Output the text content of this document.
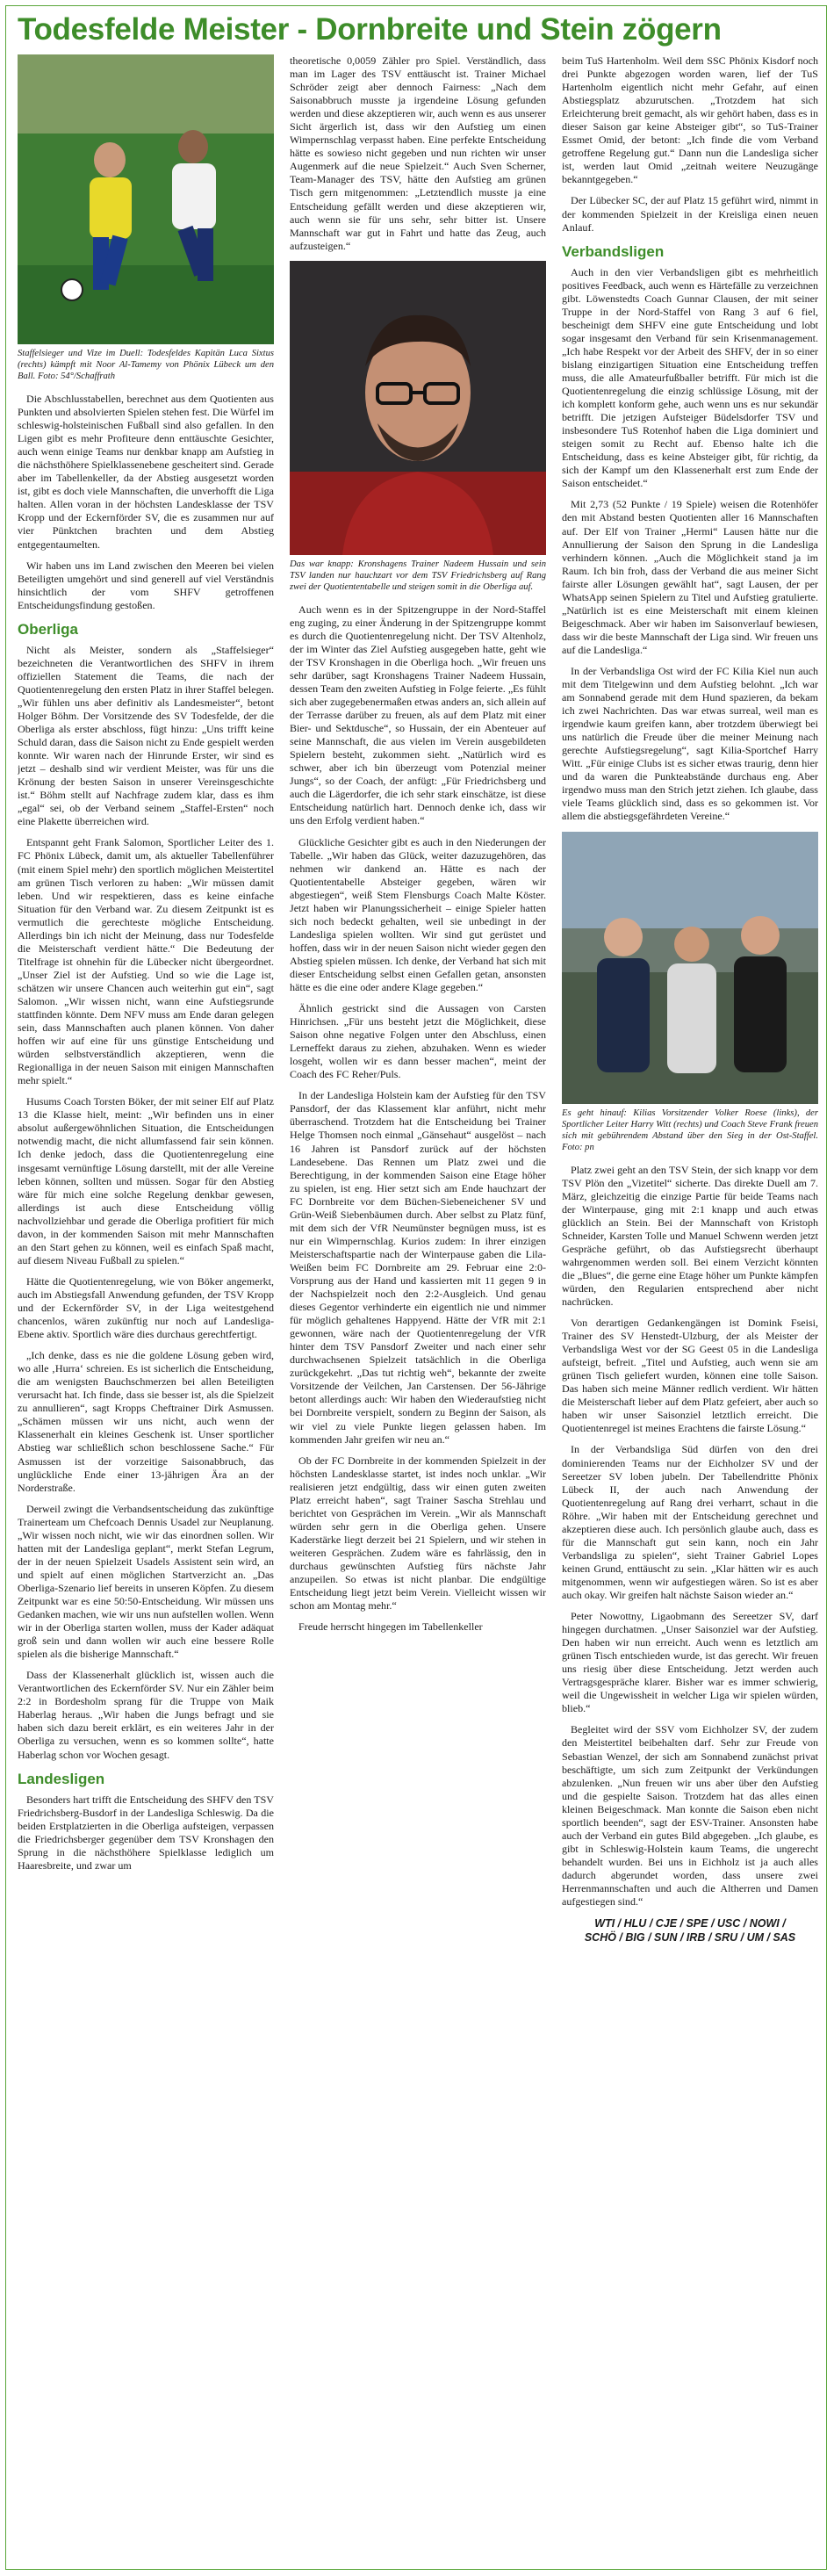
Todesfelde Meister - Dornbreite und Stein zögern
Staffelsieger und Vize im Duell: Todesfeldes Kapitän Luca Sixtus (rechts) kämpft mit Noor Al-Tamemy von Phönix Lübeck um den Ball. Foto: 54°/Schaffrath

Die Abschlusstabellen, berechnet aus dem Quotienten aus Punkten und absolvierten Spielen stehen fest. Die Würfel im schleswig-holsteinischen Fußball sind also gefallen. In den Ligen gibt es mehr Profiteure denn enttäuschte Gesichter, auch wenn einige Teams nur denkbar knapp am Aufstieg in die nächsthöhere Spielklassenebene gescheitert sind. Gerade aber im Tabellenkeller, da der Abstieg ausgesetzt worden ist, gibt es doch viele Mannschaften, die unverhofft die Liga halten. Allen voran in der höchsten Landesklasse der TSV Kropp und der Eckernförder SV, die es zusammen nur auf vier Pünktchen brachten und dem Abstieg entgegentaumelten.

Wir haben uns im Land zwischen den Meeren bei vielen Beteiligten umgehört und sind generell auf viel Verständnis hinsichtlich der vom SHFV getroffenen Entscheidungsfindung gestoßen.

Oberliga

Nicht als Meister, sondern als „Staffelsieger“ bezeichneten die Verantwortlichen des SHFV in ihrem offiziellen Statement die Teams, die nach der Quotientenregelung den ersten Platz in ihrer Staffel belegen. „Wir fühlen uns aber definitiv als Landesmeister“, betont Holger Böhm. Der Vorsitzende des SV Todesfelde, der die Oberliga als erster abschloss, fügt hinzu: „Uns trifft keine Schuld daran, dass die Saison nicht zu Ende gespielt werden konnte. Wir waren nach der Hinrunde Erster, wir sind es jetzt – deshalb sind wir verdient Meister, was für uns die Krönung der besten Saison in unserer Vereinsgeschichte ist.“ Böhm stellt auf Nachfrage zudem klar, dass es ihm „egal“ sei, ob der Verband seinem „Staffel-Ersten“ noch eine Plakette überreichen wird.

Entspannt geht Frank Salomon, Sportlicher Leiter des 1. FC Phönix Lübeck, damit um, als aktueller Tabellenführer (mit einem Spiel mehr) den sportlich möglichen Meistertitel am grünen Tisch verloren zu haben: „Wir müssen damit leben. Und wir respektieren, dass es keine einfache Situation für den Verband war. Zu diesem Zeitpunkt ist es vermutlich die gerechteste mögliche Entscheidung. Allerdings bin ich nicht der Meinung, dass nur Todesfelde die Meisterschaft verdient hätte.“ Die Bedeutung der Titelfrage ist ohnehin für die Lübecker nicht übergeordnet. „Unser Ziel ist der Aufstieg. Und so wie die Lage ist, schätzen wir unsere Chancen auch weiterhin gut ein“, sagt Salomon. „Wir wissen nicht, wann eine Aufstiegsrunde stattfinden könnte. Dem NFV muss am Ende daran gelegen sein, dass Mannschaften auch planen können. Von daher hoffen wir auf eine für uns günstige Entscheidung und würden selbstverständlich akzeptieren, wenn die Regionalliga in der neuen Saison mit einigen Mannschaften mehr spielt.“

Husums Coach Torsten Böker, der mit seiner Elf auf Platz 13 die Klasse hielt, meint: „Wir befinden uns in einer absolut außergewöhnlichen Situation, die Entscheidungen notwendig macht, die nicht allumfassend fair sein können. Ich denke jedoch, dass die Quotientenregelung eine insgesamt vernünftige Lösung darstellt, mit der alle Vereine leben können, sollten und müssen. Sogar für den Abstieg wäre für mich eine solche Regelung denkbar gewesen, allerdings ist auch diese Entscheidung völlig nachvollziehbar und gerade die Oberliga profitiert für mich davon, in der kommenden Saison mit mehr Mannschaften an den Start gehen zu können, weil es einfach Spaß macht, auf diesem Niveau Fußball zu spielen.“

Hätte die Quotientenregelung, wie von Böker angemerkt, auch im Abstiegsfall Anwendung gefunden, der TSV Kropp und der Eckernförder SV, in der Liga weitestgehend chancenlos, wären zukünftig nur noch auf Landesliga-Ebene aktiv. Sportlich wäre dies durchaus gerechtfertigt.

„Ich denke, dass es nie die goldene Lösung geben wird, wo alle ‚Hurra‘ schreien. Es ist sicherlich die Entscheidung, die am wenigsten Bauchschmerzen bei allen Beteiligten verursacht hat. Ich finde, dass sie besser ist, als die Spielzeit zu annullieren“, sagt Kropps Cheftrainer Dirk Asmussen. „Schämen müssen wir uns nicht, auch wenn der Klassenerhalt ein kleines Geschenk ist. Unser sportlicher Abstieg war schließlich schon beschlossene Sache.“ Für Asmussen ist der vorzeitige Saisonabbruch, das unglückliche Ende einer 13-jährigen Ära an der Norderstraße.

Derweil zwingt die Verbandsentscheidung das zukünftige Trainerteam um Chefcoach Dennis Usadel zur Neuplanung. „Wir wissen noch nicht, wie wir das einordnen sollen. Wir hatten mit der Landesliga geplant“, merkt Stefan Legrum, der in der neuen Spielzeit Usadels Assistent sein wird, an und spielt auf einen möglichen Startverzicht an. „Das Oberliga-Szenario lief bereits in unseren Köpfen. Zu diesem Zeitpunkt war es eine 50:50-Entscheidung. Wir müssen uns Gedanken machen, wie wir uns nun aufstellen wollen. Wenn wir in der Oberliga starten wollen, muss der Kader adäquat groß sein und dann wollen wir auch eine bessere Rolle spielen als die bisherige Mannschaft.“

Dass der Klassenerhalt glücklich ist, wissen auch die Verantwortlichen des Eckernförder SV. Nur ein Zähler beim 2:2 in Bordesholm sprang für die Truppe von Maik Haberlag heraus. „Wir haben die Jungs befragt und sie haben sich dazu bereit erklärt, es ein weiteres Jahr in der Oberliga zu versuchen, wenn es so kommen sollte“, hatte Haberlag schon vor Wochen gesagt.

Landesligen

Besonders hart trifft die Entscheidung des SHFV den TSV Friedrichsberg-Busdorf in der Landesliga Schleswig. Da die beiden Erstplatzierten in die Oberliga aufsteigen, verpassen die Friedrichsberger gegenüber dem TSV Kronshagen den Sprung in die nächsthöhere Spielklasse lediglich um Haaresbreite, und zwar um

theoretische 0,0059 Zähler pro Spiel. Verständlich, dass man im Lager des TSV enttäuscht ist. Trainer Michael Schröder zeigt aber dennoch Fairness: „Nach dem Saisonabbruch musste ja irgendeine Lösung gefunden werden und diese akzeptieren wir, auch wenn es aus unserer Sicht ärgerlich ist, dass wir den Aufstieg um einen Wimpernschlag verpasst haben. Eine perfekte Entscheidung hätte es sowieso nicht gegeben und nun richten wir unser Augenmerk auf die neue Spielzeit.“ Auch Sven Scherner, Team-Manager des TSV, hätte den Aufstieg am grünen Tisch gern mitgenommen: „Letztendlich musste ja eine Entscheidung gefällt werden und diese akzeptieren wir, auch wenn sie für uns sehr, sehr bitter ist. Unsere Mannschaft war gut in Fahrt und hatte das Zeug, auch aufzusteigen.“

Das war knapp: Kronshagens Trainer Nadeem Hussain und sein TSV landen nur hauchzart vor dem TSV Friedrichsberg auf Rang zwei der Quotiententabelle und steigen somit in die Oberliga auf.

Auch wenn es in der Spitzengruppe in der Nord-Staffel eng zuging, zu einer Änderung in der Spitzengruppe kommt es durch die Quotientenregelung nicht. Der TSV Altenholz, der im Winter das Ziel Aufstieg ausgegeben hatte, geht wie der TSV Kronshagen in die Oberliga hoch. „Wir freuen uns sehr darüber, sagt Kronshagens Trainer Nadeem Hussain, dessen Team den zweiten Aufstieg in Folge feierte. „Es fühlt sich aber zugegebenermaßen etwas anders an, sich allein auf der Terrasse darüber zu freuen, als auf dem Platz mit einer Bier- und Sektdusche“, so Hussain, der ein Abenteuer auf seine Mannschaft, die aus vielen im Verein ausgebildeten Spielern besteht, zukommen sieht. „Natürlich wird es schwer, aber ich bin überzeugt vom Potenzial meiner Jungs“, so der Coach, der anfügt: „Für Friedrichsberg und auch die Lägerdorfer, die ich sehr stark einschätze, ist diese Entscheidung natürlich hart. Dennoch denke ich, dass wir uns den Erfolg verdient haben.“

Glückliche Gesichter gibt es auch in den Niederungen der Tabelle. „Wir haben das Glück, weiter dazuzugehören, das nehmen wir dankend an. Hätte es nach der Quotiententabelle Absteiger gegeben, wären wir abgestiegen“, weiß Stem Flensburgs Coach Malte Köster. Jetzt haben wir Planungssicherheit – einige Spieler hatten sich noch bedeckt gehalten, weil sie unbedingt in der Landesliga spielen wollten. Wir sind gut gerüstet und hoffen, dass wir in der neuen Saison nicht wieder gegen den Abstieg spielen müssen. Ich denke, der Verband hat sich mit dieser Entscheidung selbst einen Gefallen getan, ansonsten hätte es die eine oder andere Klage gegeben.“

Ähnlich gestrickt sind die Aussagen von Carsten Hinrichsen. „Für uns besteht jetzt die Möglichkeit, diese Saison ohne negative Folgen unter den Abschluss, einen Lerneffekt daraus zu ziehen, abzuhaken. Wenn es wieder losgeht, wollen wir es dann besser machen“, meint der Coach des FC Reher/Puls.

In der Landesliga Holstein kam der Aufstieg für den TSV Pansdorf, der das Klassement klar anführt, nicht mehr überraschend. Trotzdem hat die Entscheidung bei Trainer Helge Thomsen noch einmal „Gänsehaut“ ausgelöst – nach 16 Jahren ist Pansdorf zurück auf der höchsten Landesebene. Das Rennen um Platz zwei und die Berechtigung, in der kommenden Saison eine Etage höher zu spielen, ist eng. Hier setzt sich am Ende hauchzart der FC Dornbreite vor dem Büchen-Siebeneichener SV und Grün-Weiß Siebenbäumen durch. Aber selbst zu Platz fünf, mit dem sich der VfR Neumünster begnügen muss, ist es nur ein Wimpernschlag. Kurios zudem: In ihrer einzigen Meisterschaftspartie nach der Winterpause gaben die Lila-Weißen beim FC Dornbreite am 29. Februar eine 2:0-Vorsprung aus der Hand und kassierten mit 11 gegen 9 in der Nachspielzeit noch den 2:2-Ausgleich. Und genau dieses Gegentor verhinderte ein eigentlich nie und nimmer für möglich gehaltenes Happyend. Hätte der VfR mit 2:1 gewonnen, wäre nach der Quotientenregelung der VfR hinter dem TSV Pansdorf Zweiter und nach einer sehr durchwachsenen Spielzeit tatsächlich in die Oberliga zurückgekehrt. „Das tut richtig weh“, bekannte der zweite Vorsitzende der Veilchen, Jan Carstensen. Der 56-Jährige betont allerdings auch: Wir haben den Wiederaufstieg nicht bei Dornbreite verspielt, sondern zu Beginn der Saison, als wir viel zu viele Punkte liegen gelassen haben. Im kommenden Jahr greifen wir neu an.“

Ob der FC Dornbreite in der kommenden Spielzeit in der höchsten Landesklasse startet, ist indes noch unklar. „Wir realisieren jetzt endgültig, dass wir einen guten zweiten Platz erreicht haben“, sagt Trainer Sascha Strehlau und berichtet von Gesprächen im Verein. „Wir als Mannschaft würden sehr gern in die Oberliga gehen. Unsere Kaderstärke liegt derzeit bei 21 Spielern, und wir stehen in weiteren Gesprächen. Zudem wäre es fahrlässig, den in durchaus gewünschten Aufstieg fürs nächste Jahr anzupeilen. So etwas ist nicht planbar. Die endgültige Entscheidung liegt jetzt beim Verein. Vielleicht wissen wir schon am Montag mehr.“

Freude herrscht hingegen im Tabellenkeller

beim TuS Hartenholm. Weil dem SSC Phönix Kisdorf noch drei Punkte abgezogen worden waren, lief der TuS Hartenholm eigentlich nicht mehr Gefahr, auf einen Abstiegsplatz abzurutschen. „Trotzdem hat sich Erleichterung breit gemacht, als wir gehört haben, dass es in dieser Saison gar keine Absteiger gibt“, so TuS-Trainer Essmet Omid, der betont: „Ich finde die vom Verband getroffene Regelung gut.“ Dann nun die Landesliga sicher ist, werden laut Omid „zeitnah weitere Neuzugänge bekanntgegeben.“

Der Lübecker SC, der auf Platz 15 geführt wird, nimmt in der kommenden Spielzeit in der Kreisliga einen neuen Anlauf.

Verbandsligen

Auch in den vier Verbandsligen gibt es mehrheitlich positives Feedback, auch wenn es Härtefälle zu verzeichnen gibt. Löwenstedts Coach Gunnar Clausen, der mit seiner Truppe in der Nord-Staffel von Rang 3 auf 6 fiel, bescheinigt dem SHFV eine gute Entscheidung und lobt sogar insgesamt den Verband für sein Krisenmanagement. „Ich habe Respekt vor der Arbeit des SHFV, der in so einer bislang einzigartigen Situation eine Entscheidung treffen muss, die alle Amateurfußballer betrifft. Für mich ist die Quotientenregelung die einzig schlüssige Lösung, mit der ich komplett konform gehe, auch wenn uns es nur sekundär betrifft. Die jetzigen Aufsteiger Büdelsdorfer TSV und insbesondere TuS Rotenhof haben die Liga dominiert und steigen somit zu Recht auf. Ebenso halte ich die Entscheidung, dass es keine Absteiger gibt, für richtig, da sich der Kampf um den Klassenerhalt erst zum Ende der Saison entscheidet.“

Mit 2,73 (52 Punkte / 19 Spiele) weisen die Rotenhöfer den mit Abstand besten Quotienten aller 16 Mannschaften auf. Der Elf von Trainer „Hermi“ Lausen hätte nur die Annullierung der Saison den Sprung in die Landesliga verhindern können. „Auch die Möglichkeit stand ja im Raum. Ich bin froh, dass der Verband die aus meiner Sicht fairste aller Lösungen gewählt hat“, sagt Lausen, der per WhatsApp seinen Spielern zu Titel und Aufstieg gratulierte. „Natürlich ist es eine Meisterschaft mit einem kleinen Beigeschmack. Aber wir haben im Saisonverlauf bewiesen, dass wir die beste Mannschaft der Liga sind. Wir freuen uns auf die Landesliga.“

In der Verbandsliga Ost wird der FC Kilia Kiel nun auch mit dem Titelgewinn und dem Aufstieg belohnt. „Ich war am Sonnabend gerade mit dem Hund spazieren, da bekam ich zwei Nachrichten. Das war etwas surreal, weil man es irgendwie kaum greifen kann, aber trotzdem überwiegt bei uns natürlich die Freude über die meiner Meinung nach gerechte Aufstiegsregelung“, sagt Kilia-Sportchef Harry Witt. „Für einige Clubs ist es sicher etwas traurig, denn hier und da waren die Punkteabstände durchaus eng. Aber irgendwo muss man den Strich jetzt ziehen. Ich glaube, dass viele Teams glücklich sind, dass es so gekommen ist. Vor allem die abstiegsgefährdeten Vereine.“

Es geht hinauf: Kilias Vorsitzender Volker Roese (links), der Sportlicher Leiter Harry Witt (rechts) und Coach Steve Frank freuen sich mit gebührendem Abstand über den Sieg in der Ost-Staffel. Foto: pn

Platz zwei geht an den TSV Stein, der sich knapp vor dem TSV Plön den „Vizetitel“ sicherte. Das direkte Duell am 7. März, gleichzeitig die einzige Partie für beide Teams nach der Winterpause, ging mit 2:1 knapp und auch etwas glücklich an Stein. Bei der Mannschaft von Kristoph Schneider, Karsten Tolle und Manuel Schwenn werden jetzt Gespräche geführt, ob das Aufstiegsrecht überhaupt wahrgenommen werden soll. Bei einem Verzicht könnten die „Blues“, die gerne eine Etage höher um Punkte kämpfen würden, den Regularien entsprechend aber nicht nachrücken.

Von derartigen Gedankengängen ist Domink Fseisi, Trainer des SV Henstedt-Ulzburg, der als Meister der Verbandsliga West vor der SG Geest 05 in die Landesliga aufsteigt, befreit. „Titel und Aufstieg, auch wenn sie am grünen Tisch geliefert wurden, können eine tolle Saison. Das haben sich meine Männer redlich verdient. Wir hätten die Meisterschaft lieber auf dem Platz gefeiert, aber auch so haben wir unser Saisonziel letztlich erreicht. Die Quotientenregel ist meines Erachtens die fairste Lösung.“

In der Verbandsliga Süd dürfen von den drei dominierenden Teams nur der Eichholzer SV und der Sereetzer SV loben jubeln. Der Tabellendritte Phönix Lübeck II, der auch nach Anwendung der Quotientenregelung auf Rang drei verharrt, schaut in die Röhre. „Wir haben mit der Entscheidung gerechnet und akzeptieren diese auch. Ich persönlich glaube auch, dass es für die Mannschaft gut sein kann, noch ein Jahr Verbandsliga zu spielen“, sieht Trainer Gabriel Lopes keinen Grund, enttäuscht zu sein. „Klar hätten wir es auch mitgenommen, wenn wir aufgestiegen wären. So ist es aber auch okay. Wir greifen halt nächste Saison wieder an.“

Peter Nowottny, Ligaobmann des Sereetzer SV, darf hingegen durchatmen. „Unser Saisonziel war der Aufstieg. Den haben wir nun erreicht. Auch wenn es letztlich am grünen Tisch entschieden wurde, ist das gerecht. Wir freuen uns riesig über diese Entscheidung. Jetzt werden auch Vertragsgespräche klarer. Bisher war es immer schwierig, weil die Ungewissheit in welcher Liga wir spielen würden, blieb.“

Begleitet wird der SSV vom Eichholzer SV, der zudem den Meistertitel beibehalten darf. Sehr zur Freude von Sebastian Wenzel, der sich am Sonnabend zunächst privat beschäftigte, um sich zum Zeitpunkt der Verkündungen abzulenken. „Nun freuen wir uns aber über den Aufstieg und die gespielte Saison. Trotzdem hat das alles einen kleinen Beigeschmack. Man konnte die Saison eben nicht sportlich beenden“, sagt der ESV-Trainer. Ansonsten habe auch der Verband ein gutes Bild abgegeben. „Ich glaube, es gibt in Schleswig-Holstein kaum Teams, die ungerecht behandelt wurden. Bei uns in Eichholz ist ja auch alles dadurch abgerundet worden, dass unsere zwei Herrenmannschaften und auch die Altherren und Damen aufgestiegen sind.“

WTI / HLU / CJE / SPE / USC / NOWI /
SCHÖ / BIG / SUN / IRB / SRU / UM / SAS
